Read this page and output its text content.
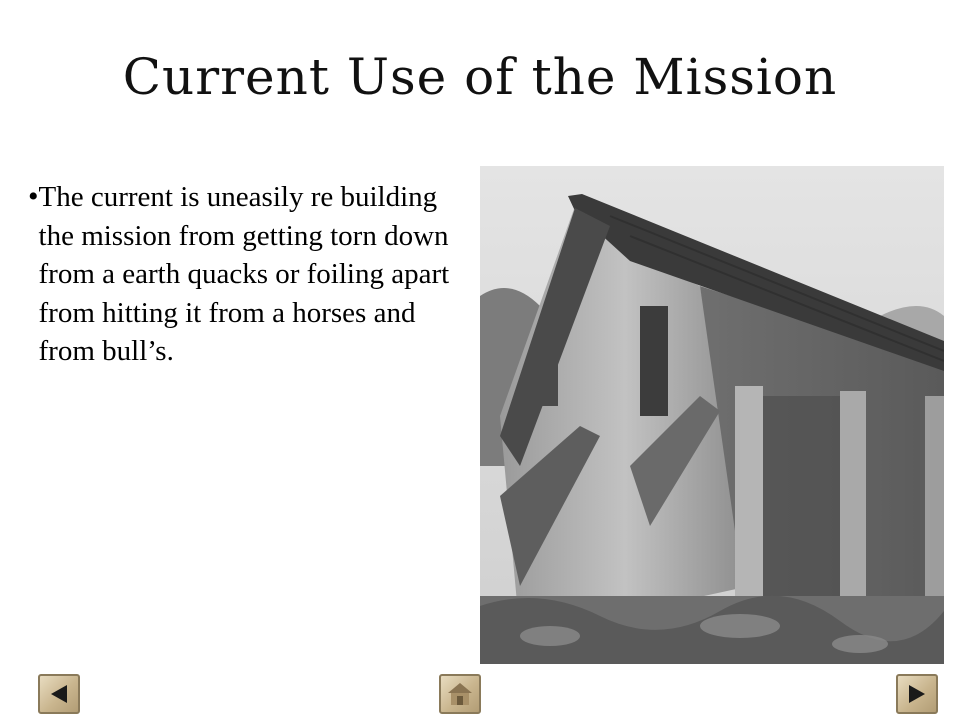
Current Use of the Mission
• The current is uneasily re building the mission from getting torn down from a earth quacks or foiling apart from hitting it from a horses and from bull’s.
